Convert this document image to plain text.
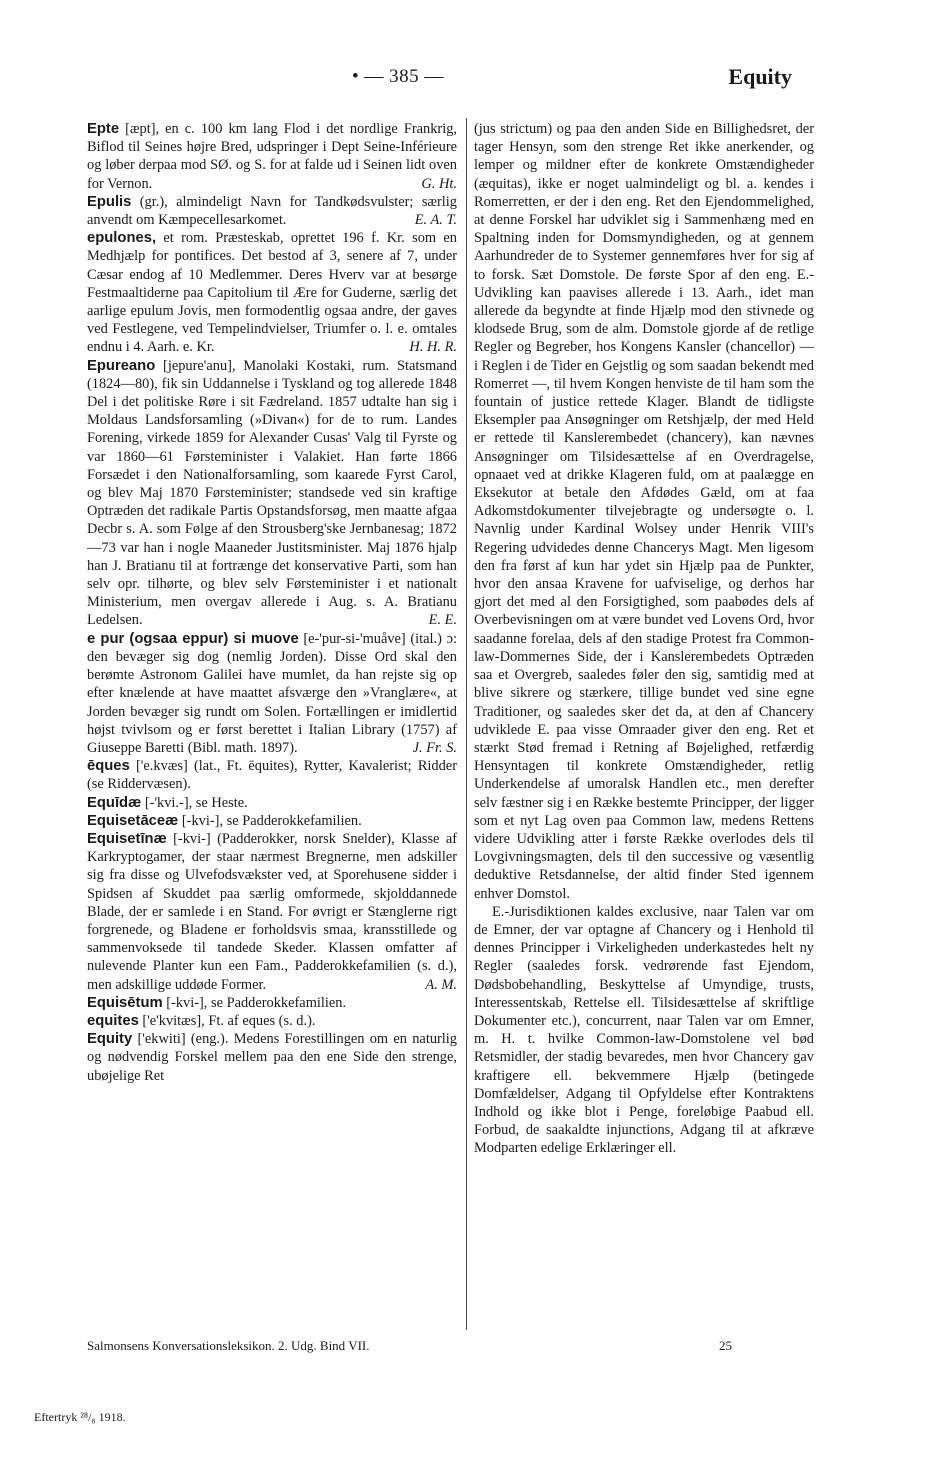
• — 385 —	Equity

Epte [æpt], en c. 100 km lang Flod i det nordlige Frankrig, Biflod til Seines højre Bred, udspringer i Dept Seine-Inférieure og løber derpaa mod SØ. og S. for at falde ud i Seinen lidt oven for Vernon.	G. Ht.

Epulis (gr.), almindeligt Navn for Tandkødsvulster; særlig anvendt om Kæmpecellesarkomet.	E. A. T.

epulones, et rom. Præsteskab, oprettet 196 f. Kr. som en Medhjælp for pontifices. Det bestod af 3, senere af 7, under Cæsar endog af 10 Medlemmer. Deres Hverv var at besørge Festmaaltiderne paa Capitolium til Ære for Guderne, særlig det aarlige epulum Jovis, men formodentlig ogsaa andre, der gaves ved Festlegene, ved Tempelindvielser, Triumfer o. l. e. omtales endnu i 4. Aarh. e. Kr.	H. H. R.

Epureano [jepure'anu], Manolaki Kostaki, rum. Statsmand (1824—80), fik sin Uddannelse i Tyskland og tog allerede 1848 Del i det politiske Røre i sit Fædreland. 1857 udtalte han sig i Moldaus Landsforsamling (»Divan«) for de to rum. Landes Forening, virkede 1859 for Alexander Cusas' Valg til Fyrste og var 1860—61 Førsteminister i Valakiet. Han førte 1866 Forsædet i den Nationalforsamling, som kaarede Fyrst Carol, og blev Maj 1870 Førsteminister; standsede ved sin kraftige Optræden det radikale Partis Opstandsforsøg, men maatte afgaa Decbr s. A. som Følge af den Strousberg'ske Jernbanesag; 1872—73 var han i nogle Maaneder Justitsminister. Maj 1876 hjalp han J. Bratianu til at fortrænge det konservative Parti, som han selv opr. tilhørte, og blev selv Førsteminister i et nationalt Ministerium, men overgav allerede i Aug. s. A. Bratianu Ledelsen.	E. E.

e pur (ogsaa eppur) si muove [e-'pur-si-'muåve] (ital.) ɔ: den bevæger sig dog (nemlig Jorden). Disse Ord skal den berømte Astronom Galilei have mumlet, da han rejste sig op efter knælende at have maattet afsværge den »Vranglære«, at Jorden bevæger sig rundt om Solen. Fortællingen er imidlertid højst tvivlsom og er først berettet i Italian Library (1757) af Giuseppe Baretti (Bibl. math. 1897).	J. Fr. S.

ēques ['e.kvæs] (lat., Ft. ēquites), Rytter, Kavalerist; Ridder (se Riddervæsen).

Equīdæ [-'kvi.-], se Heste.

Equisetāceæ [-kvi-], se Padderokkefamilien.

Equisetīnæ [-kvi-] (Padderokker, norsk Snelder), Klasse af Karkryptogamer, der staar nærmest Bregnerne, men adskiller sig fra disse og Ulvefodsvækster ved, at Sporehusene sidder i Spidsen af Skuddet paa særlig omformede, skjolddannede Blade, der er samlede i en Stand. For øvrigt er Stænglerne rigt forgrenede, og Bladene er forholdsvis smaa, kransstillede og sammenvoksede til tandede Skeder. Klassen omfatter af nulevende Planter kun een Fam., Padderokkefamilien (s. d.), men adskillige uddøde Former.	A. M.

Equisētum [-kvi-], se Padderokkefamilien.

equites ['e'kvitæs], Ft. af eques (s. d.).

Equity ['ekwiti] (eng.). Medens Forestillingen om en naturlig og nødvendig Forskel mellem paa den ene Side den strenge, ubøjelige Ret

(jus strictum) og paa den anden Side en Billighedsret, der tager Hensyn, som den strenge Ret ikke anerkender, og lemper og mildner efter de konkrete Omstændigheder (æquitas), ikke er noget ualmindeligt og bl. a. kendes i Romerretten, er der i den eng. Ret den Ejendommelighed, at denne Forskel har udviklet sig i Sammenhæng med en Spaltning inden for Domsmyndigheden, og at gennem Aarhundreder de to Systemer gennemføres hver for sig af to forsk. Sæt Domstole. De første Spor af den eng. E.-Udvikling kan paavises allerede i 13. Aarh., idet man allerede da begyndte at finde Hjælp mod den stivnede og klodsede Brug, som de alm. Domstole gjorde af de retlige Regler og Begreber, hos Kongens Kansler (chancellor) — i Reglen i de Tider en Gejstlig og som saadan bekendt med Romerret —, til hvem Kongen henviste de til ham som the fountain of justice rettede Klager. Blandt de tidligste Eksempler paa Ansøgninger om Retshjælp, der med Held er rettede til Kanslerembedet (chancery), kan nævnes Ansøgninger om Tilsidesættelse af en Overdragelse, opnaaet ved at drikke Klageren fuld, om at paalægge en Eksekutor at betale den Afdødes Gæld, om at faa Adkomstdokumenter tilvejebragte og undersøgte o. l. Navnlig under Kardinal Wolsey under Henrik VIII's Regering udvidedes denne Chancerys Magt. Men ligesom den fra først af kun har ydet sin Hjælp paa de Punkter, hvor den ansaa Kravene for uafviselige, og derhos har gjort det med al den Forsigtighed, som paabødes dels af Overbevisningen om at være bundet ved Lovens Ord, hvor saadanne forelaa, dels af den stadige Protest fra Common-law-Dommernes Side, der i Kanslerembedets Optræden saa et Overgreb, saaledes føler den sig, samtidig med at blive sikrere og stærkere, tillige bundet ved sine egne Traditioner, og saaledes sker det da, at den af Chancery udviklede E. paa visse Omraader giver den eng. Ret et stærkt Stød fremad i Retning af Bøjelighed, retfærdig Hensyntagen til konkrete Omstændigheder, retlig Underkendelse af umoralsk Handlen etc., men derefter selv fæstner sig i en Række bestemte Principper, der ligger som et nyt Lag oven paa Common law, medens Rettens videre Udvikling atter i første Række overlodes dels til Lovgivningsmagten, dels til den successive og væsentlig deduktive Retsdannelse, der altid finder Sted igennem enhver Domstol.

E.-Jurisdiktionen kaldes exclusive, naar Talen var om de Emner, der var optagne af Chancery og i Henhold til dennes Principper i Virkeligheden underkastedes helt ny Regler (saaledes forsk. vedrørende fast Ejendom, Dødsbobehandling, Beskyttelse af Umyndige, trusts, Interessentskab, Rettelse ell. Tilsidesættelse af skriftlige Dokumenter etc.), concurrent, naar Talen var om Emner, m. H. t. hvilke Common-law-Domstolene vel bød Retsmidler, der stadig bevaredes, men hvor Chancery gav kraftigere ell. bekvemmere Hjælp (betingede Domfældelser, Adgang til Opfyldelse efter Kontraktens Indhold og ikke blot i Penge, foreløbige Paabud ell. Forbud, de saakaldte injunctions, Adgang til at afkræve Modparten edelige Erklæringer ell.

Salmonsens Konversationsleksikon. 2. Udg. Bind VII.	25
Eftertryk ²⁸/₈ 1918.
